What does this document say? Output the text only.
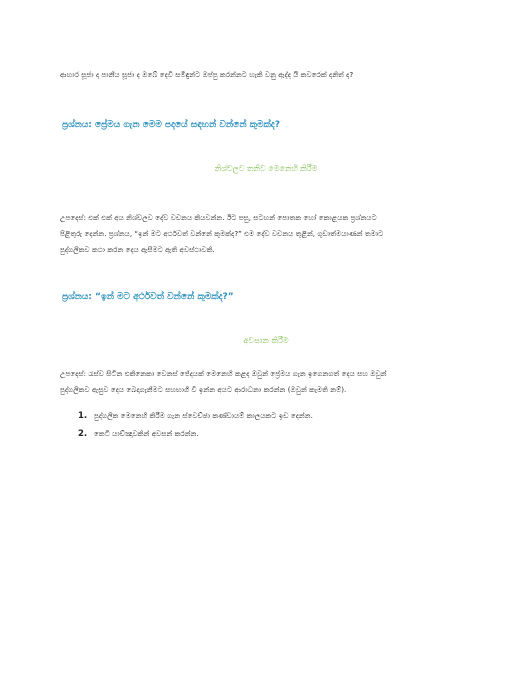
ආහාර සූජා ද පානීය සූජා ද ඔබේ දෙවි සමිඳුන්ට ඔප්පු කරන්නට හැකි වනු ඇද්ද යි කවරෙක් දනිත් ද?

ප්‍රශ්නය: ප්‍රේමය ගැන මෙම පදයේ සඳහන් වන්නේ කුමක්ද?

නිශ්චලව තනිව මෙනෙහි කිරීම

උපදෙස්: එක් එක් අය නිශ්චලව දේව වචනය කියවන්න. ඊට පසු, සටහන් පොතක හෝ කොළයක ප්‍රශ්නයට

පිළිතුරු දෙන්න. ප්‍රශ්නය, “ඉන් මට අර්ථවත් වන්නේ කුමක්ද?” එම දේව වචනය තුළින්, ගුඩාත්මයාණන් තමාට

පුද්ගලිකව කථා කරන දෙය ඇසීමට ඇති අවස්ථාවකි.

ප්‍රශ්නය: “ඉන් මට අර්ථවත් වන්නේ කුමක්ද?”

අවසාන කිරීම

උපදෙස්: රැස්ව සිටින එකිනෙකා වෙනස් ජේදයක් මෙනෙහි කළද ඔවුන් ප්‍රේමය ගැන ඉගෙනගත් දෙය සහ ඔවුන්

පුද්ගලිකව ඇසුව දෙය බෙදාගැනීමට සහභාගී වී ඉන්න අයට ආරාධනා කරන්න (ඔවුන් කැමති නම්).

1. පුද්ගලික මෙනෙහි කිරීම ගැන ස්වෙච්ඡා කණ්ඩායම් කාලයකට ඉඩ දෙන්න.
2. කෙටි යාච්ඤාවකින් අවසන් කරන්න.
